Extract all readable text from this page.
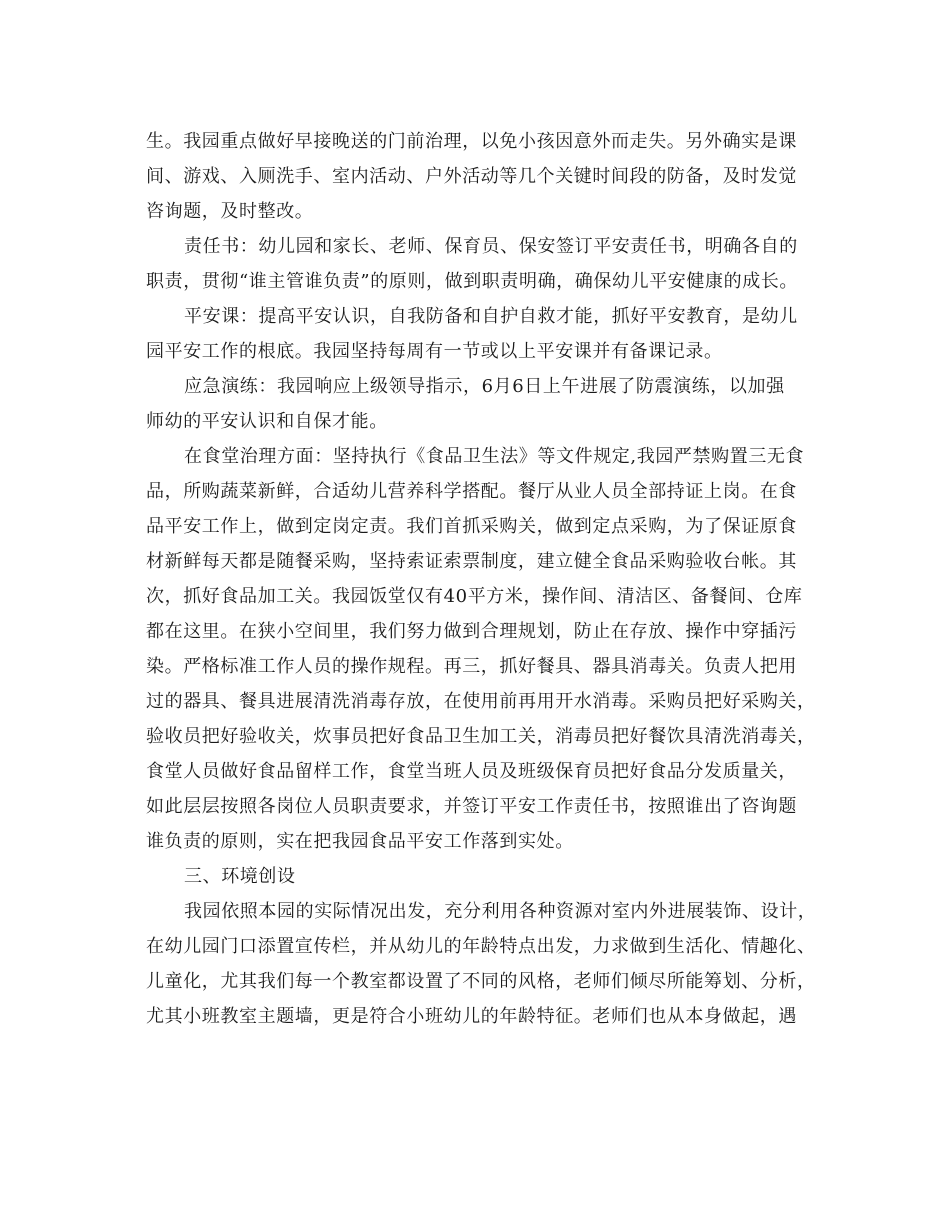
生。我园重点做好早接晚送的门前治理，以免小孩因意外而走失。另外确实是课
间、游戏、入厕洗手、室内活动、户外活动等几个关键时间段的防备，及时发觉
咨询题，及时整改。
责任书：幼儿园和家长、老师、保育员、保安签订平安责任书，明确各自的
职责，贯彻“谁主管谁负责”的原则，做到职责明确，确保幼儿平安健康的成长。
平安课：提高平安认识，自我防备和自护自救才能，抓好平安教育，是幼儿
园平安工作的根底。我园坚持每周有一节或以上平安课并有备课记录。
应急演练：我园响应上级领导指示，6月6日上午进展了防震演练，以加强
师幼的平安认识和自保才能。
在食堂治理方面：坚持执行《食品卫生法》等文件规定,我园严禁购置三无食
品，所购蔬菜新鲜，合适幼儿营养科学搭配。餐厅从业人员全部持证上岗。在食
品平安工作上，做到定岗定责。我们首抓采购关，做到定点采购，为了保证原食
材新鲜每天都是随餐采购，坚持索证索票制度，建立健全食品采购验收台帐。其
次，抓好食品加工关。我园饭堂仅有40平方米，操作间、清洁区、备餐间、仓库
都在这里。在狭小空间里，我们努力做到合理规划，防止在存放、操作中穿插污
染。严格标准工作人员的操作规程。再三，抓好餐具、器具消毒关。负责人把用
过的器具、餐具进展清洗消毒存放，在使用前再用开水消毒。采购员把好采购关，
验收员把好验收关，炊事员把好食品卫生加工关，消毒员把好餐饮具清洗消毒关，
食堂人员做好食品留样工作，食堂当班人员及班级保育员把好食品分发质量关，
如此层层按照各岗位人员职责要求，并签订平安工作责任书，按照谁出了咨询题
谁负责的原则，实在把我园食品平安工作落到实处。
三、环境创设
我园依照本园的实际情况出发，充分利用各种资源对室内外进展装饰、设计，
在幼儿园门口添置宣传栏，并从幼儿的年龄特点出发，力求做到生活化、情趣化、
儿童化，尤其我们每一个教室都设置了不同的风格，老师们倾尽所能筹划、分析，
尤其小班教室主题墙，更是符合小班幼儿的年龄特征。老师们也从本身做起，遇
